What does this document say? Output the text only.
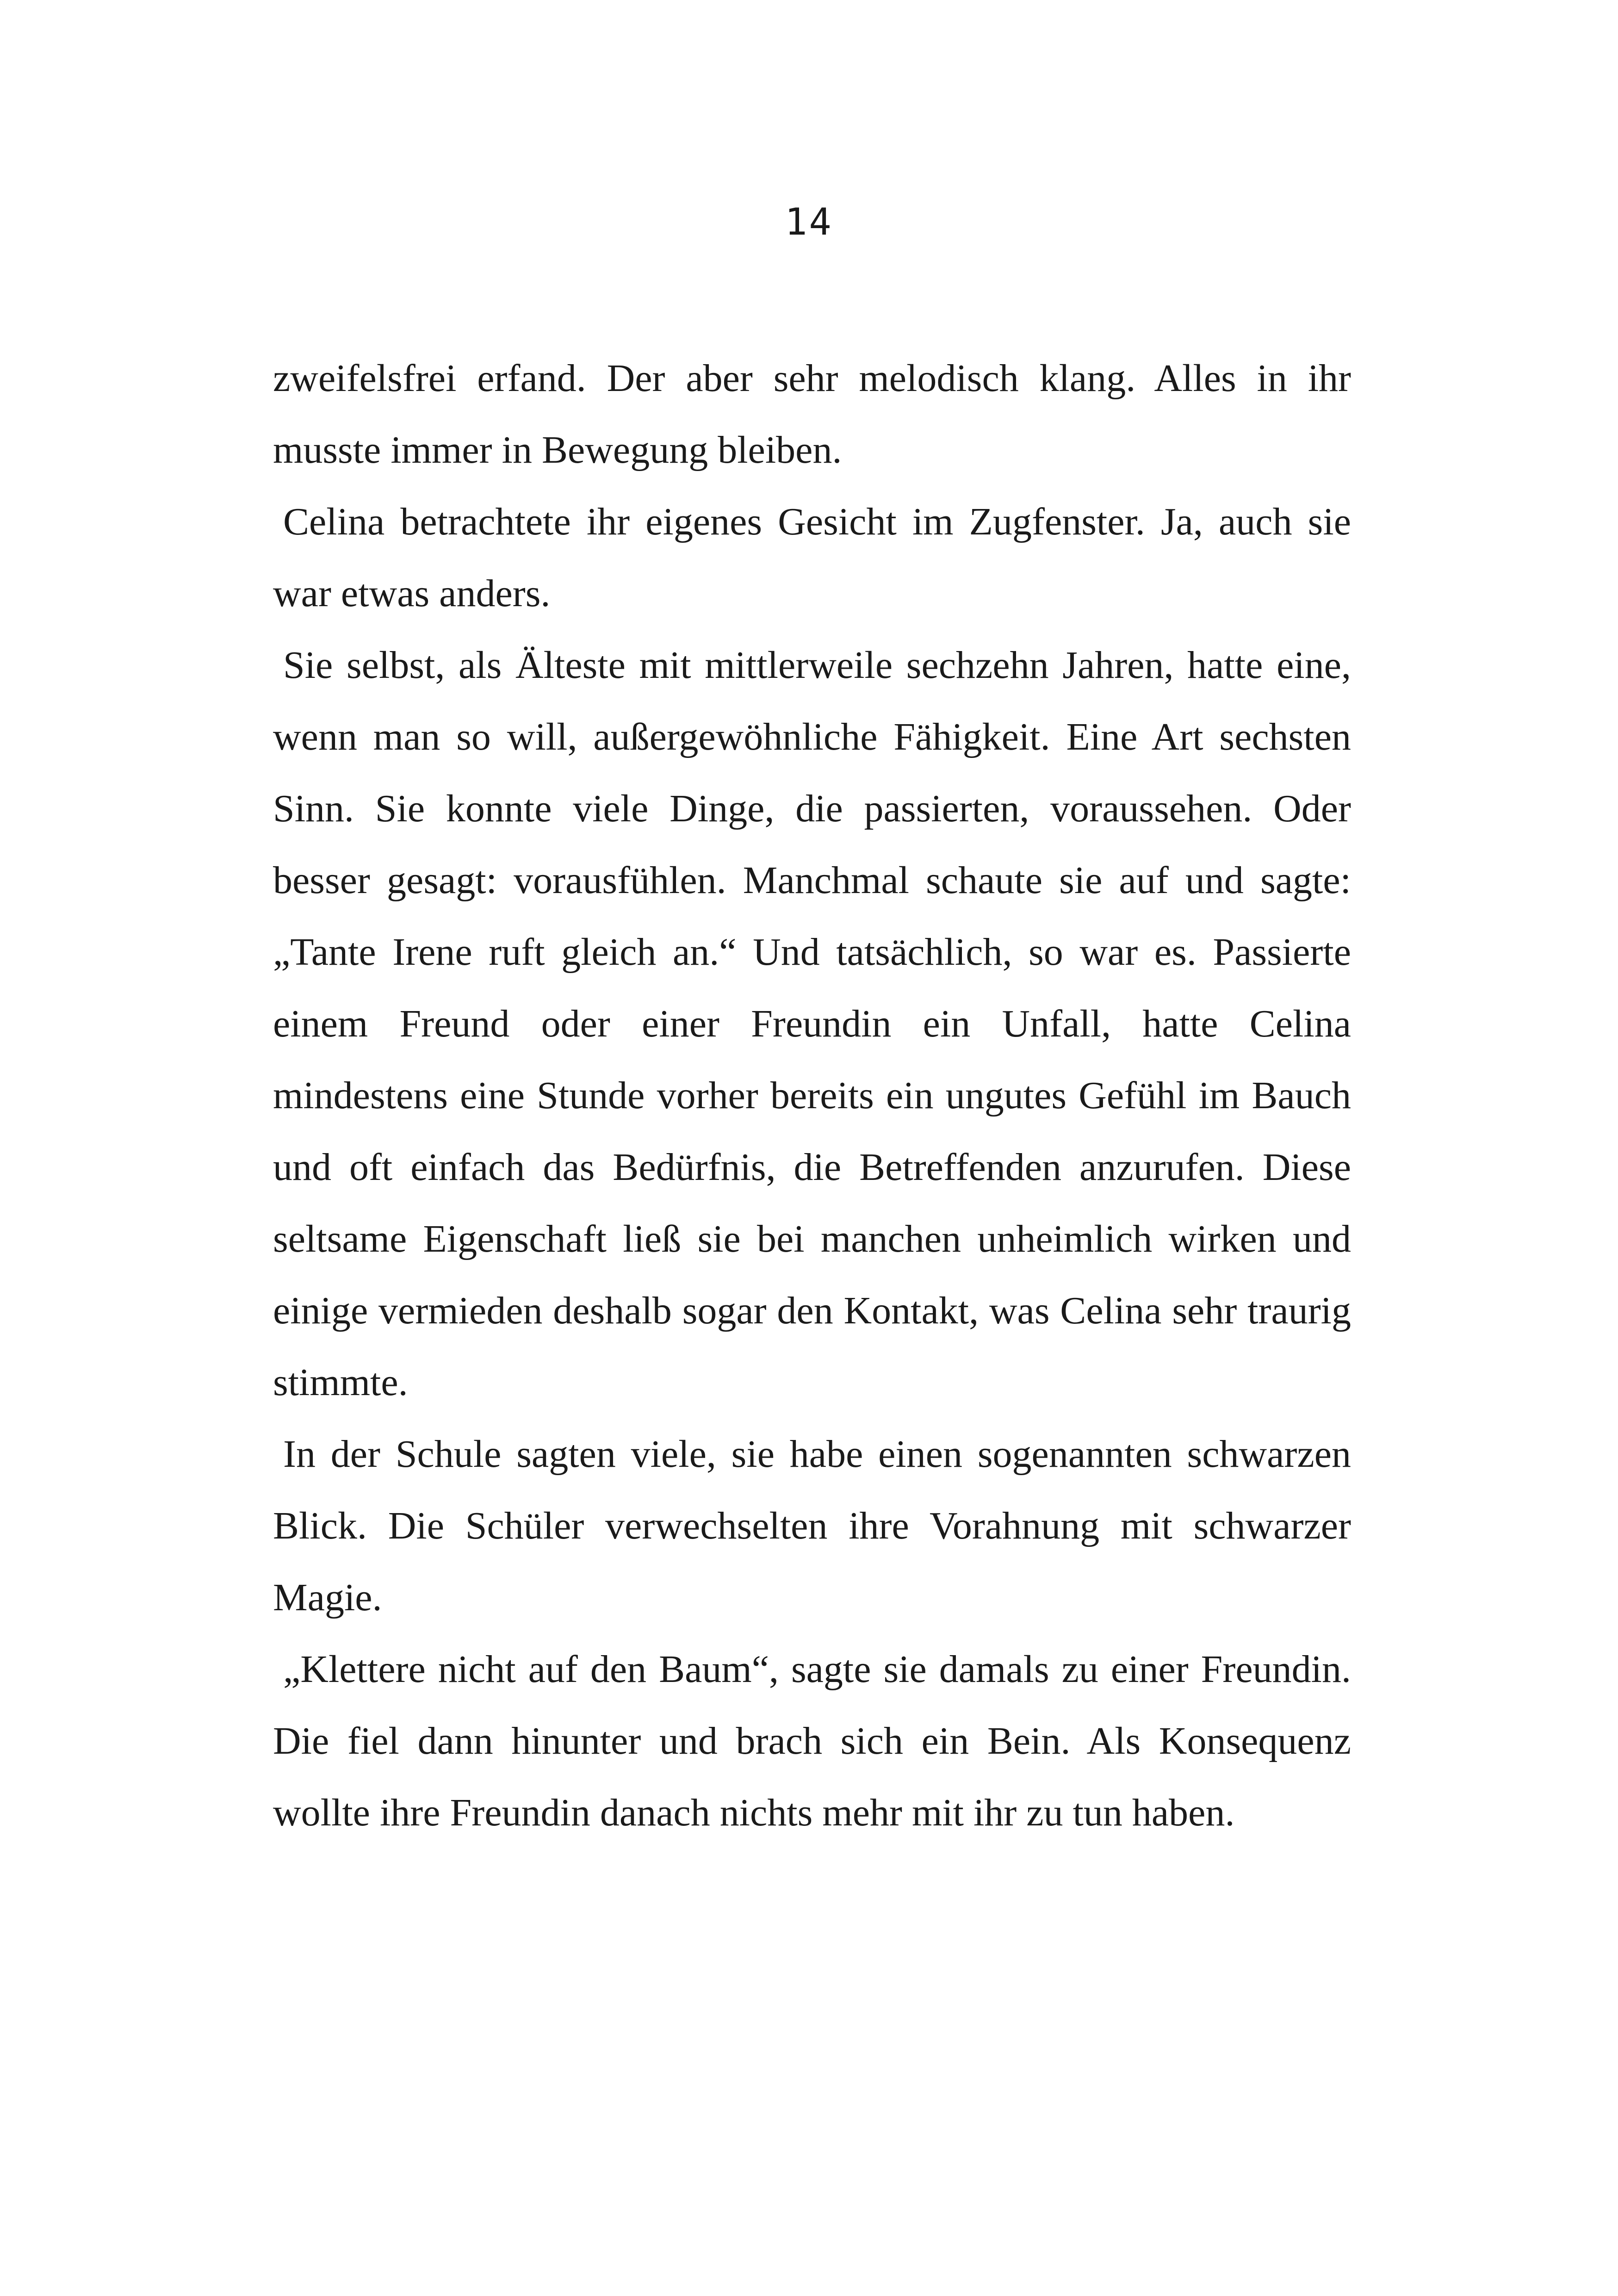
14

zweifelsfrei erfand. Der aber sehr melodisch klang. Alles in ihr musste immer in Bewegung bleiben.

Celina betrachtete ihr eigenes Gesicht im Zugfenster. Ja, auch sie war etwas anders.

Sie selbst, als Älteste mit mittlerweile sechzehn Jahren, hatte eine, wenn man so will, außergewöhnliche Fähigkeit. Eine Art sechsten Sinn. Sie konnte viele Dinge, die passierten, voraussehen. Oder besser gesagt: vorausfühlen. Manchmal schaute sie auf und sagte: „Tante Irene ruft gleich an.“ Und tatsächlich, so war es. Passierte einem Freund oder einer Freundin ein Unfall, hatte Celina mindestens eine Stunde vorher bereits ein ungutes Gefühl im Bauch und oft einfach das Bedürfnis, die Betreffenden anzurufen. Diese seltsame Eigenschaft ließ sie bei manchen unheimlich wirken und einige vermieden deshalb sogar den Kontakt, was Celina sehr traurig stimmte.

In der Schule sagten viele, sie habe einen sogenannten schwarzen Blick. Die Schüler verwechselten ihre Vorahnung mit schwarzer Magie.

„Klettere nicht auf den Baum“, sagte sie damals zu einer Freundin. Die fiel dann hinunter und brach sich ein Bein. Als Konsequenz wollte ihre Freundin danach nichts mehr mit ihr zu tun haben.
